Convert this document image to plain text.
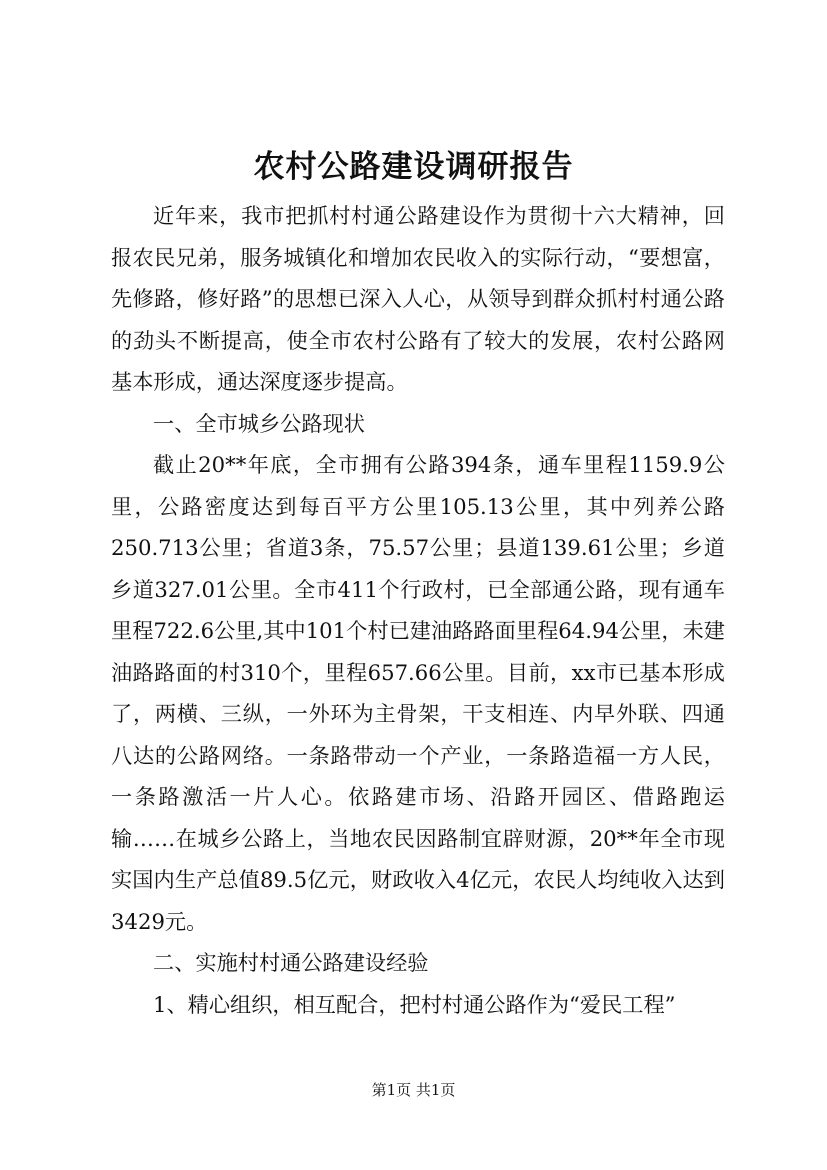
农村公路建设调研报告

近年来，我市把抓村村通公路建设作为贯彻十六大精神，回报农民兄弟，服务城镇化和增加农民收入的实际行动，“要想富，先修路，修好路”的思想已深入人心，从领导到群众抓村村通公路的劲头不断提高，使全市农村公路有了较大的发展，农村公路网基本形成，通达深度逐步提高。

一、全市城乡公路现状

截止20**年底，全市拥有公路394条，通车里程1159.9公里，公路密度达到每百平方公里105.13公里，其中列养公路250.713公里；省道3条，75.57公里；县道139.61公里；乡道乡道327.01公里。全市411个行政村，已全部通公路，现有通车里程722.6公里,其中101个村已建油路路面里程64.94公里，未建油路路面的村310个，里程657.66公里。目前，xx市已基本形成了，两横、三纵，一外环为主骨架，干支相连、内早外联、四通八达的公路网络。一条路带动一个产业，一条路造福一方人民，一条路激活一片人心。依路建市场、沿路开园区、借路跑运输……在城乡公路上，当地农民因路制宜辟财源，20**年全市现实国内生产总值89.5亿元，财政收入4亿元，农民人均纯收入达到3429元。

二、实施村村通公路建设经验

1、精心组织，相互配合，把村村通公路作为“爱民工程”

第1页 共1页
